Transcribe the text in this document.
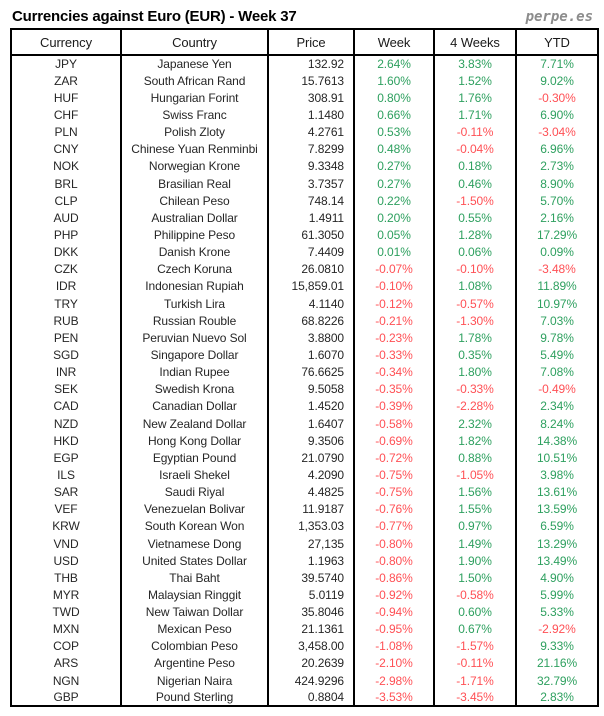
Currencies against Euro (EUR) - Week 37	perpe.es
Currency	Country	Price	Week	4 Weeks	YTD
JPY	Japanese Yen	132.92	2.64%	3.83%	7.71%
ZAR	South African Rand	15.7613	1.60%	1.52%	9.02%
HUF	Hungarian Forint	308.91	0.80%	1.76%	-0.30%
CHF	Swiss Franc	1.1480	0.66%	1.71%	6.90%
PLN	Polish Zloty	4.2761	0.53%	-0.11%	-3.04%
CNY	Chinese Yuan Renminbi	7.8299	0.48%	-0.04%	6.96%
NOK	Norwegian Krone	9.3348	0.27%	0.18%	2.73%
BRL	Brasilian Real	3.7357	0.27%	0.46%	8.90%
CLP	Chilean Peso	748.14	0.22%	-1.50%	5.70%
AUD	Australian Dollar	1.4911	0.20%	0.55%	2.16%
PHP	Philippine Peso	61.3050	0.05%	1.28%	17.29%
DKK	Danish Krone	7.4409	0.01%	0.06%	0.09%
CZK	Czech Koruna	26.0810	-0.07%	-0.10%	-3.48%
IDR	Indonesian Rupiah	15,859.01	-0.10%	1.08%	11.89%
TRY	Turkish Lira	4.1140	-0.12%	-0.57%	10.97%
RUB	Russian Rouble	68.8226	-0.21%	-1.30%	7.03%
PEN	Peruvian Nuevo Sol	3.8800	-0.23%	1.78%	9.78%
SGD	Singapore Dollar	1.6070	-0.33%	0.35%	5.49%
INR	Indian Rupee	76.6625	-0.34%	1.80%	7.08%
SEK	Swedish Krona	9.5058	-0.35%	-0.33%	-0.49%
CAD	Canadian Dollar	1.4520	-0.39%	-2.28%	2.34%
NZD	New Zealand Dollar	1.6407	-0.58%	2.32%	8.24%
HKD	Hong Kong Dollar	9.3506	-0.69%	1.82%	14.38%
EGP	Egyptian Pound	21.0790	-0.72%	0.88%	10.51%
ILS	Israeli Shekel	4.2090	-0.75%	-1.05%	3.98%
SAR	Saudi Riyal	4.4825	-0.75%	1.56%	13.61%
VEF	Venezuelan Bolivar	11.9187	-0.76%	1.55%	13.59%
KRW	South Korean Won	1,353.03	-0.77%	0.97%	6.59%
VND	Vietnamese Dong	27,135	-0.80%	1.49%	13.29%
USD	United States Dollar	1.1963	-0.80%	1.90%	13.49%
THB	Thai Baht	39.5740	-0.86%	1.50%	4.90%
MYR	Malaysian Ringgit	5.0119	-0.92%	-0.58%	5.99%
TWD	New Taiwan Dollar	35.8046	-0.94%	0.60%	5.33%
MXN	Mexican Peso	21.1361	-0.95%	0.67%	-2.92%
COP	Colombian Peso	3,458.00	-1.08%	-1.57%	9.33%
ARS	Argentine Peso	20.2639	-2.10%	-0.11%	21.16%
NGN	Nigerian Naira	424.9296	-2.98%	-1.71%	32.79%
GBP	Pound Sterling	0.8804	-3.53%	-3.45%	2.83%
